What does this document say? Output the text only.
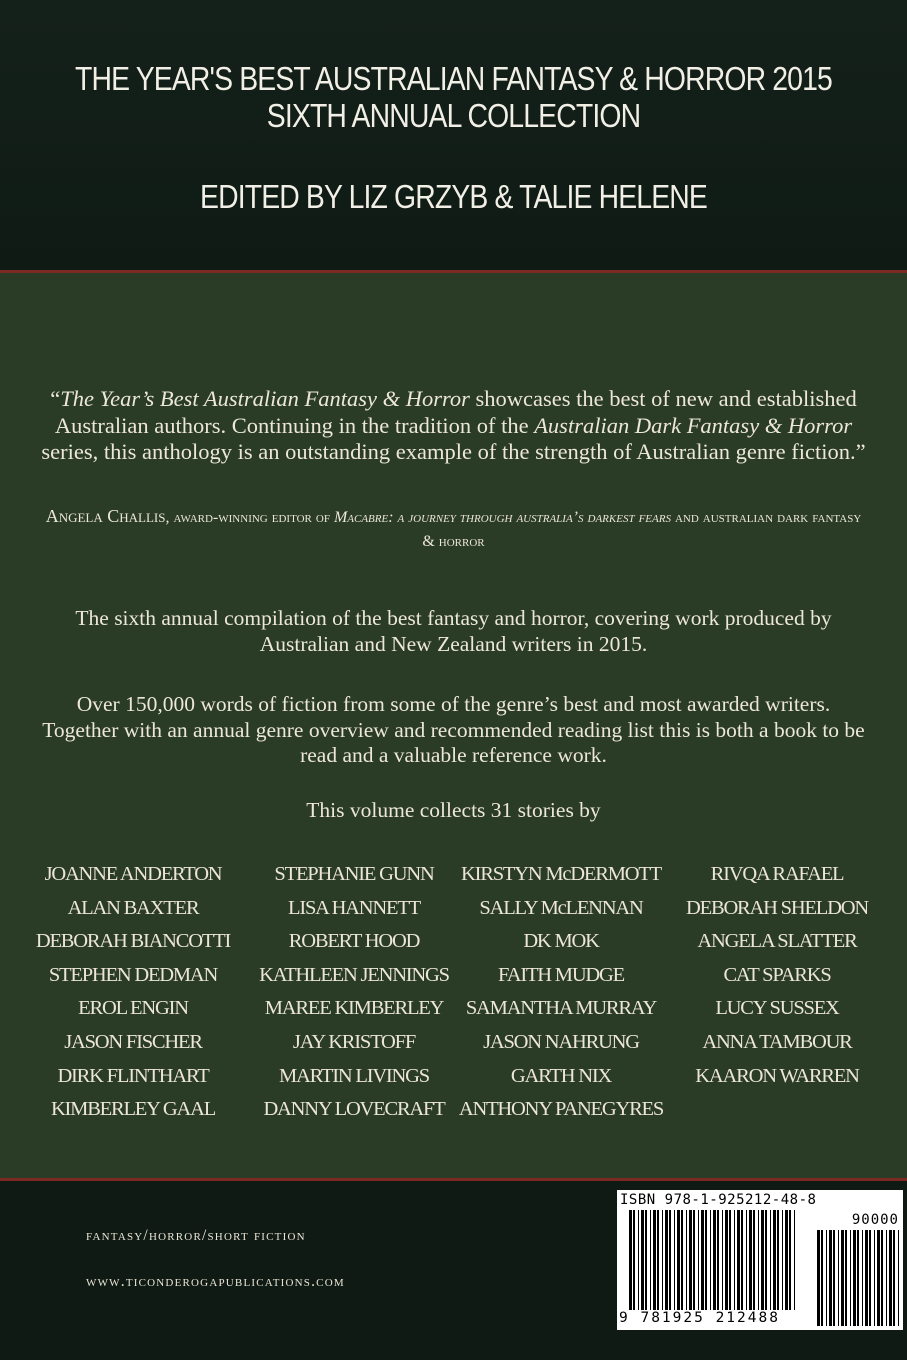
THE YEAR'S BEST AUSTRALIAN FANTASY & HORROR 2015
SIXTH ANNUAL COLLECTION
EDITED BY LIZ GRZYB & TALIE HELENE
“The Year’s Best Australian Fantasy & Horror showcases the best of new and established Australian authors. Continuing in the tradition of the Australian Dark Fantasy & Horror series, this anthology is an outstanding example of the strength of Australian genre fiction.”
Angela Challis, award-winning editor of Macabre: a journey through australia’s darkest fears and australian dark fantasy & horror
The sixth annual compilation of the best fantasy and horror, covering work produced by Australian and New Zealand writers in 2015.
Over 150,000 words of fiction from some of the genre’s best and most awarded writers. Together with an annual genre overview and recommended reading list this is both a book to be read and a valuable reference work.
This volume collects 31 stories by
JOANNE ANDERTON
ALAN BAXTER
DEBORAH BIANCOTTI
STEPHEN DEDMAN
EROL ENGIN
JASON FISCHER
DIRK FLINTHART
KIMBERLEY GAAL
STEPHANIE GUNN
LISA HANNETT
ROBERT HOOD
KATHLEEN JENNINGS
MAREE KIMBERLEY
JAY KRISTOFF
MARTIN LIVINGS
DANNY LOVECRAFT
KIRSTYN McDERMOTT
SALLY McLENNAN
DK MOK
FAITH MUDGE
SAMANTHA MURRAY
JASON NAHRUNG
GARTH NIX
ANTHONY PANEGYRES
RIVQA RAFAEL
DEBORAH SHELDON
ANGELA SLATTER
CAT SPARKS
LUCY SUSSEX
ANNA TAMBOUR
KAARON WARREN
fantasy/horror/short fiction
www.ticonderogapublications.com
ISBN 978-1-925212-48-8
90000
9 781925 212488
